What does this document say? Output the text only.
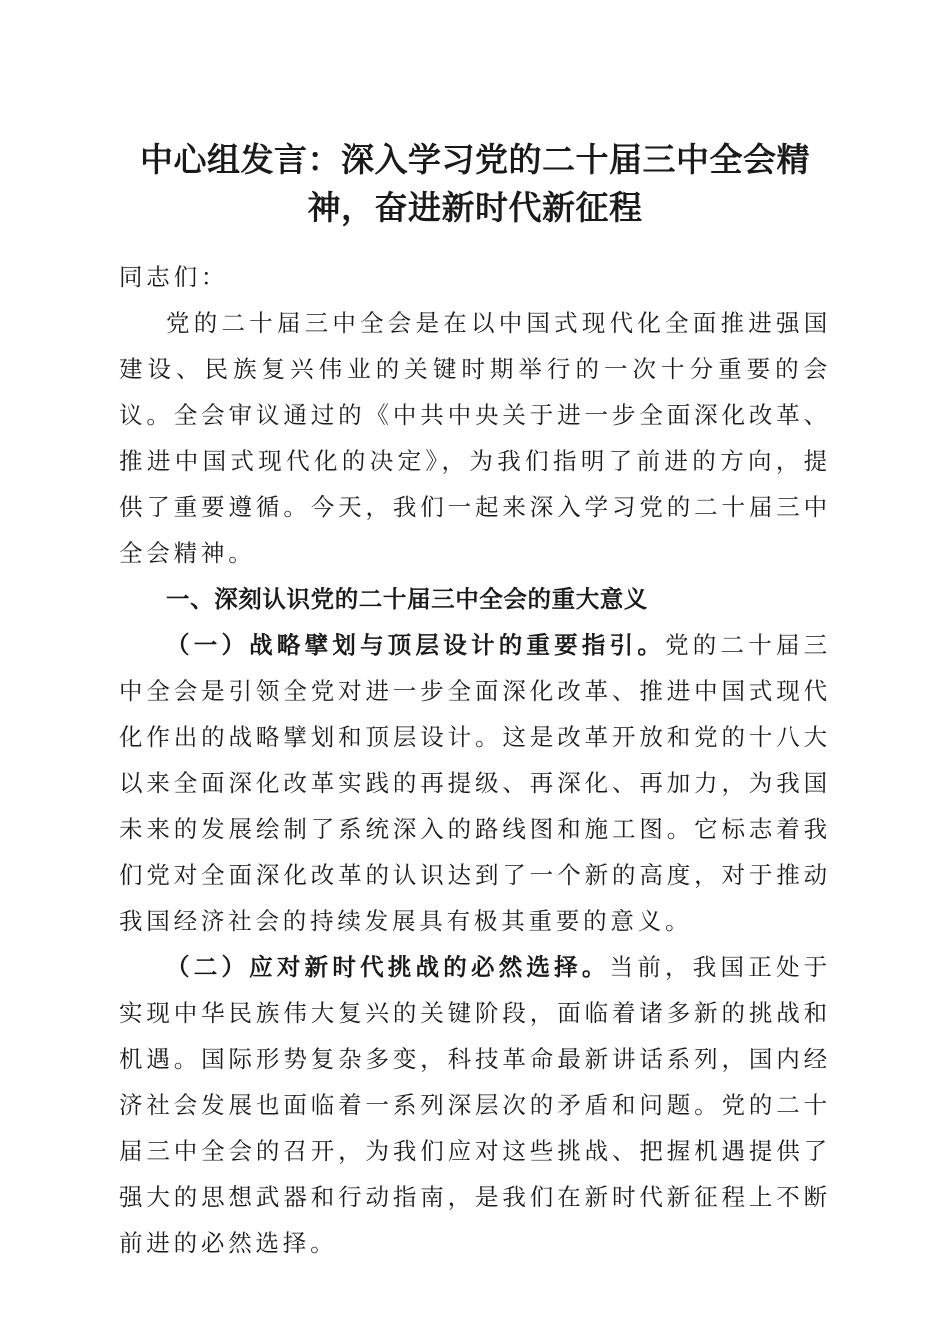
中心组发言：深入学习党的二十届三中全会精神，奋进新时代新征程

同志们：

党的二十届三中全会是在以中国式现代化全面推进强国建设、民族复兴伟业的关键时期举行的一次十分重要的会议。全会审议通过的《中共中央关于进一步全面深化改革、推进中国式现代化的决定》，为我们指明了前进的方向，提供了重要遵循。今天，我们一起来深入学习党的二十届三中全会精神。

一、深刻认识党的二十届三中全会的重大意义

（一）战略擘划与顶层设计的重要指引。党的二十届三中全会是引领全党对进一步全面深化改革、推进中国式现代化作出的战略擘划和顶层设计。这是改革开放和党的十八大以来全面深化改革实践的再提级、再深化、再加力，为我国未来的发展绘制了系统深入的路线图和施工图。它标志着我们党对全面深化改革的认识达到了一个新的高度，对于推动我国经济社会的持续发展具有极其重要的意义。

（二）应对新时代挑战的必然选择。当前，我国正处于实现中华民族伟大复兴的关键阶段，面临着诸多新的挑战和机遇。国际形势复杂多变，科技革命最新讲话系列，国内经济社会发展也面临着一系列深层次的矛盾和问题。党的二十届三中全会的召开，为我们应对这些挑战、把握机遇提供了强大的思想武器和行动指南，是我们在新时代新征程上不断前进的必然选择。
